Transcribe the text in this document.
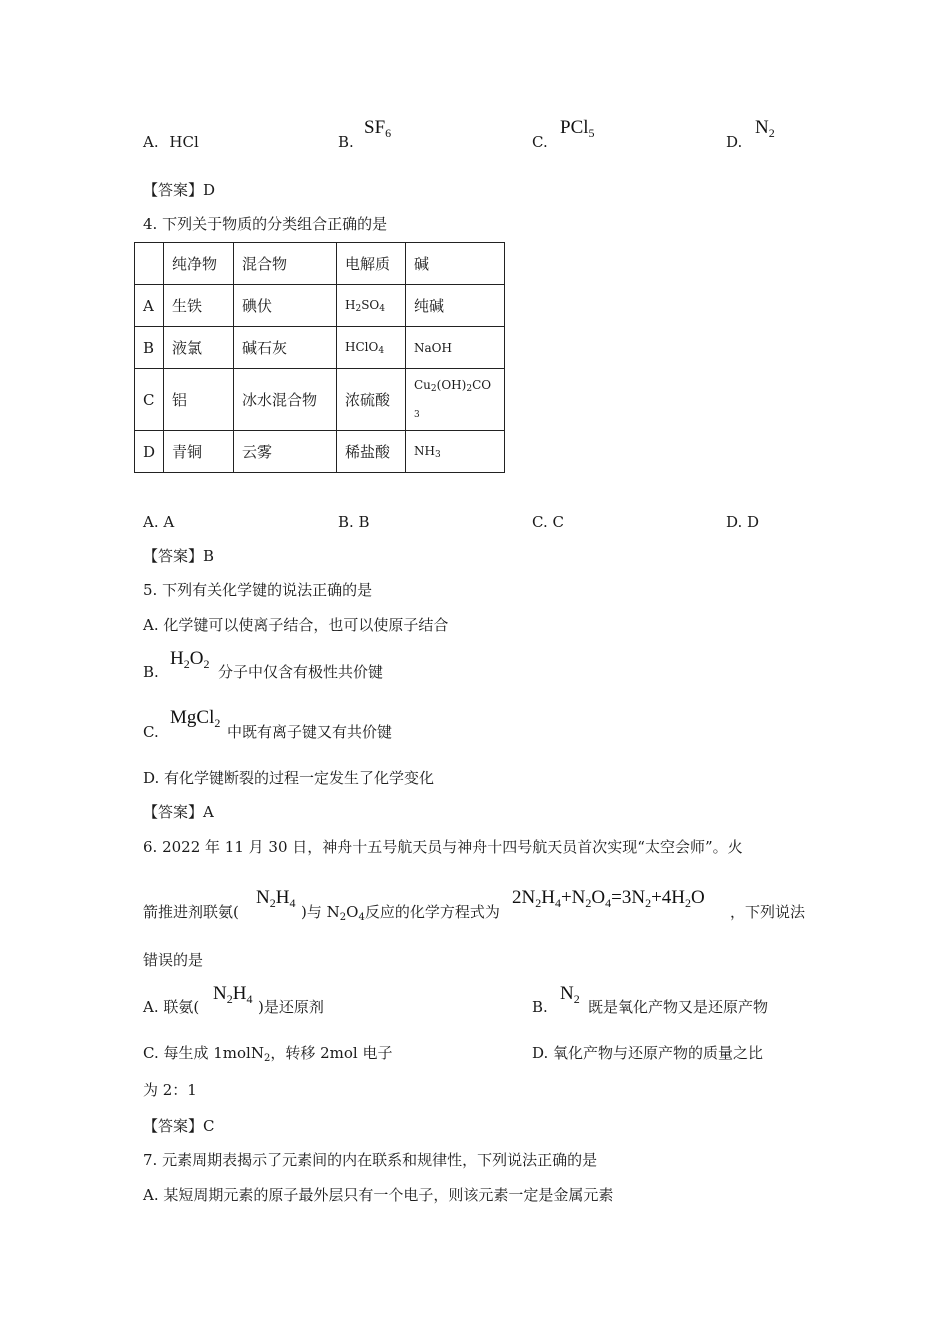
A. HCl	B.
$SF_6$	C.
PCl$_5$	D.
$N_2$
【答案】D
4. 下列关于物质的分类组合正确的是
	纯净物	混合物	电解质	碱
A	生铁	碘伏	$H_2SO_4$	纯碱
B	液氯	碱石灰	HClO$_4$	NaOH
C	铝	冰水混合物	浓硫酸	$Cu_2(OH)_2CO$
$_3$
D	青铜	云雾	稀盐酸	$NH_3$
A. A	B. B	C. C	D. D
【答案】B
5. 下列有关化学键的说法正确的是
A. 化学键可以使离子结合，也可以使原子结合
B.
$H_2O_2$ 分子中仅含有极性共价键
C.
MgCl$_2$ 中既有离子键又有共价键
D. 有化学键断裂的过程一定发生了化学变化
【答案】A
6. 2022 年 11 月 30 日，神舟十五号航天员与神舟十四号航天员首次实现“太空会师”。火
箭推进剂联氨(
$N_2H_4$ )与 $N_2O_4$反应的化学方程式为
$2N_2H_4+N_2O_4=3N_2+4H_2O$
，下列说法
错误的是
A. 联氨(
$N_2H_4$ )是还原剂	B.
$N_2$ 既是氧化产物又是还原产物
C. 每生成 1molN$_2$，转移 2mol 电子	D. 氧化产物与还原产物的质量之比
为 2：1
【答案】C
7. 元素周期表揭示了元素间的内在联系和规律性，下列说法正确的是
A. 某短周期元素的原子最外层只有一个电子，则该元素一定是金属元素
